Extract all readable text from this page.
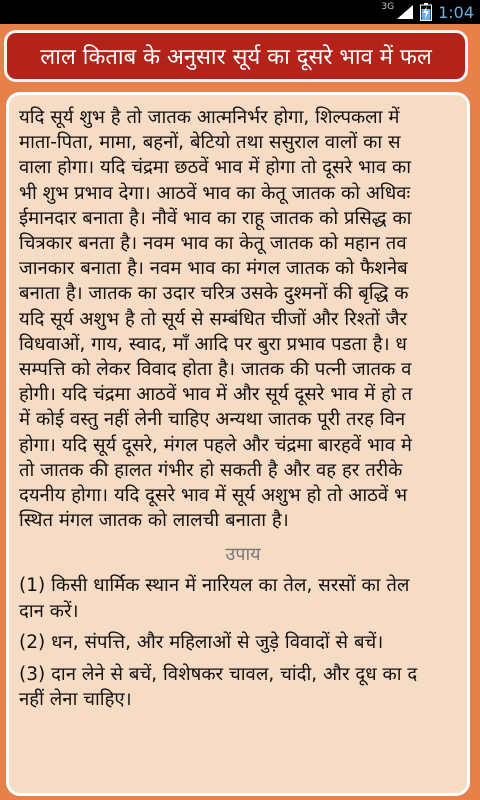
3G	1:04
लाल किताब के अनुसार सूर्य का दूसरे भाव में फल

यदि सूर्य शुभ है तो जातक आत्मनिर्भर होगा, शिल्पकला में

माता-पिता, मामा, बहनों, बेटियो तथा ससुराल वालों का स

वाला होगा। यदि चंद्रमा छठवें भाव में होगा तो दूसरे भाव का

भी शुभ प्रभाव देगा। आठवें भाव का केतू जातक को अधिवः

ईमानदार बनाता है। नौवें भाव का राहू जातक को प्रसिद्ध का

चित्रकार बनता है। नवम भाव का केतू जातक को महान तव

जानकार बनाता है। नवम भाव का मंगल जातक को फैशनेब

बनाता है। जातक का उदार चरित्र उसके दुश्मनों की बृद्धि क

यदि सूर्य अशुभ है तो सूर्य से सम्बंधित चीजों और रिश्तों जैर

विधवाओं, गाय, स्वाद, माँ आदि पर बुरा प्रभाव पडता है। ध

सम्पत्ति को लेकर विवाद होता है। जातक की पत्नी जातक व

होगी। यदि चंद्रमा आठवें भाव में और सूर्य दूसरे भाव में हो त

में कोई वस्तु नहीं लेनी चाहिए अन्यथा जातक पूरी तरह विन

होगा। यदि सूर्य दूसरे, मंगल पहले और चंद्रमा बारहवें भाव मे

तो जातक की हालत गंभीर हो सकती है और वह हर तरीके

दयनीय होगा। यदि दूसरे भाव में सूर्य अशुभ हो तो आठवें भ

स्थित मंगल जातक को लालची बनाता है।

उपाय

(1) किसी धार्मिक स्थान में नारियल का तेल, सरसों का तेल

दान करें।

(2) धन, संपत्ति, और महिलाओं से जुड़े विवादों से बचें।

(3) दान लेने से बचें, विशेषकर चावल, चांदी, और दूध का द

नहीं लेना चाहिए।
